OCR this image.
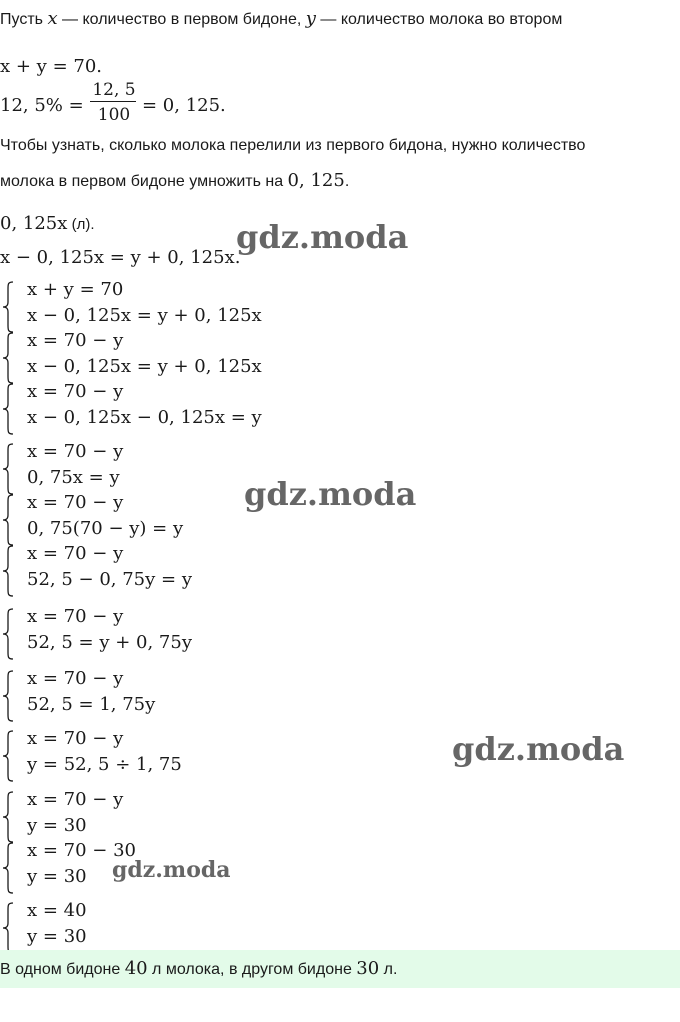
Пусть x — количество в первом бидоне, y — количество молока во втором
x + y = 70.
12, 5% =
12, 5
100 = 0, 125.
Чтобы узнать, сколько молока перелили из первого бидона, нужно количество
молока в первом бидоне умножить на 0, 125.
0, 125x (л).
x − 0, 125x = y + 0, 125x.
x + y = 70
x − 0, 125x = y + 0, 125x
x = 70 − y
x − 0, 125x = y + 0, 125x
x = 70 − y
x − 0, 125x − 0, 125x = y
x = 70 − y
0, 75x = y
x = 70 − y
0, 75(70 − y) = y
x = 70 − y
52, 5 − 0, 75y = y
x = 70 − y
52, 5 = y + 0, 75y
x = 70 − y
52, 5 = 1, 75y
x = 70 − y
y = 52, 5 ÷ 1, 75
x = 70 − y
y = 30
x = 70 − 30
y = 30
x = 40
y = 30
В одном бидоне 40 л молока, в другом бидоне 30 л.
gdz.moda
gdz.moda
gdz.moda
gdz.moda
